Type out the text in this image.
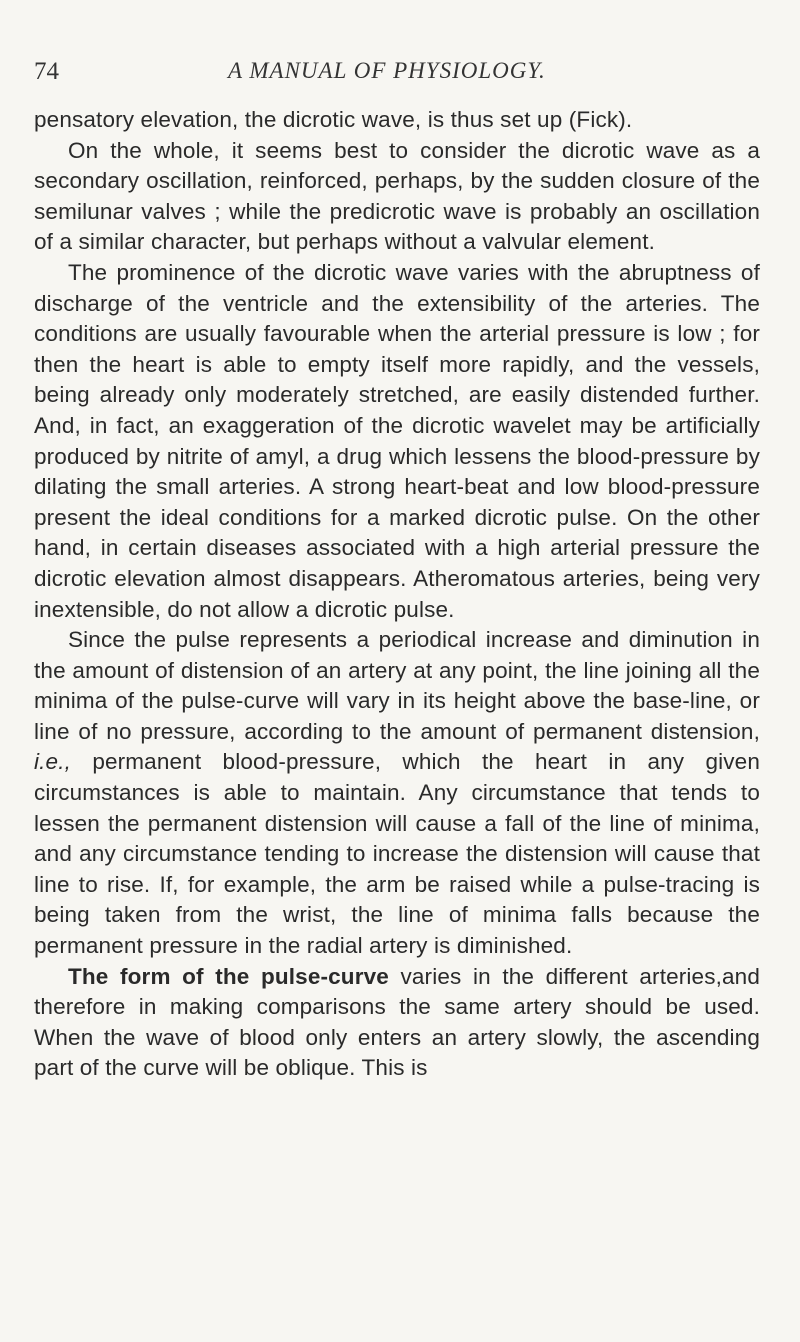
74	A MANUAL OF PHYSIOLOGY.

pensatory elevation, the dicrotic wave, is thus set up (Fick).

On the whole, it seems best to consider the dicrotic wave as a secondary oscillation, reinforced, perhaps, by the sudden closure of the semilunar valves ; while the predicrotic wave is probably an oscillation of a similar character, but perhaps without a valvular element.

The prominence of the dicrotic wave varies with the abruptness of discharge of the ventricle and the extensibility of the arteries. The conditions are usually favourable when the arterial pressure is low ; for then the heart is able to empty itself more rapidly, and the vessels, being already only moderately stretched, are easily distended further. And, in fact, an exaggeration of the dicrotic wavelet may be artificially produced by nitrite of amyl, a drug which lessens the blood-pressure by dilating the small arteries. A strong heart-beat and low blood-pressure present the ideal conditions for a marked dicrotic pulse. On the other hand, in certain diseases associated with a high arterial pressure the dicrotic elevation almost disappears. Atheromatous arteries, being very inextensible, do not allow a dicrotic pulse.

Since the pulse represents a periodical increase and diminution in the amount of distension of an artery at any point, the line joining all the minima of the pulse-curve will vary in its height above the base-line, or line of no pressure, according to the amount of permanent distension, i.e., permanent blood-pressure, which the heart in any given circumstances is able to maintain. Any circumstance that tends to lessen the permanent distension will cause a fall of the line of minima, and any circumstance tending to increase the distension will cause that line to rise. If, for example, the arm be raised while a pulse-tracing is being taken from the wrist, the line of minima falls because the permanent pressure in the radial artery is diminished.

The form of the pulse-curve varies in the different arteries,and therefore in making comparisons the same artery should be used. When the wave of blood only enters an artery slowly, the ascending part of the curve will be oblique. This is
